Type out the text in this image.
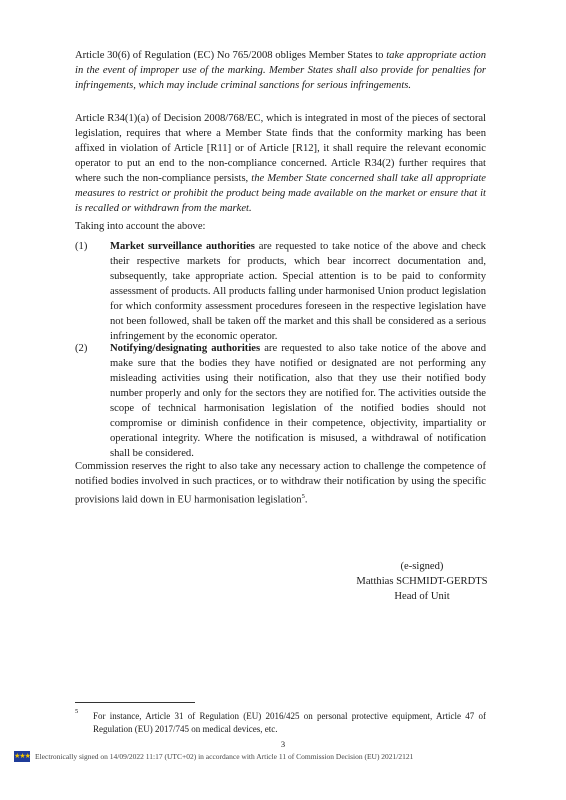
Article 30(6) of Regulation (EC) No 765/2008 obliges Member States to take appropriate action in the event of improper use of the marking. Member States shall also provide for penalties for infringements, which may include criminal sanctions for serious infringements.

Article R34(1)(a) of Decision 2008/768/EC, which is integrated in most of the pieces of sectoral legislation, requires that where a Member State finds that the conformity marking has been affixed in violation of Article [R11] or of Article [R12], it shall require the relevant economic operator to put an end to the non-compliance concerned. Article R34(2) further requires that where such the non-compliance persists, the Member State concerned shall take all appropriate measures to restrict or prohibit the product being made available on the market or ensure that it is recalled or withdrawn from the market.

Taking into account the above:

(1) Market surveillance authorities are requested to take notice of the above and check their respective markets for products, which bear incorrect documentation and, subsequently, take appropriate action. Special attention is to be paid to conformity assessment of products. All products falling under harmonised Union product legislation for which conformity assessment procedures foreseen in the respective legislation have not been followed, shall be taken off the market and this shall be considered as a serious infringement by the economic operator.

(2) Notifying/designating authorities are requested to also take notice of the above and make sure that the bodies they have notified or designated are not performing any misleading activities using their notification, also that they use their notified body number properly and only for the sectors they are notified for. The activities outside the scope of technical harmonisation legislation of the notified bodies should not compromise or diminish confidence in their competence, objectivity, impartiality or operational integrity. Where the notification is misused, a withdrawal of notification shall be considered.

Commission reserves the right to also take any necessary action to challenge the competence of notified bodies involved in such practices, or to withdraw their notification by using the specific provisions laid down in EU harmonisation legislation$^5$.

(e-signed)
Matthias SCHMIDT-GERDTS
Head of Unit
5 For instance, Article 31 of Regulation (EU) 2016/425 on personal protective equipment, Article 47 of Regulation (EU) 2017/745 on medical devices, etc.

3
★★★ Electronically signed on 14/09/2022 11:17 (UTC+02) in accordance with Article 11 of Commission Decision (EU) 2021/2121
